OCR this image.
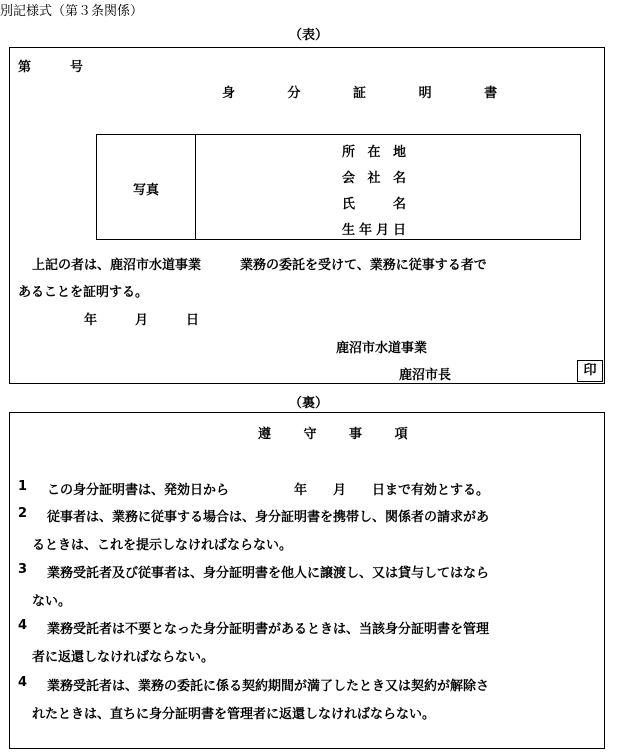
別記様式（第３条関係）
（表）
第　　　号
身 分 証 明 書
写真
所在地
会社名
氏　名
生年月日
上記の者は、鹿沼市水道事業　　　業務の委託を受けて、業務に従事する者で
あることを証明する。
年　　月　　日
鹿沼市水道事業
鹿沼市長	印
（裏）
遵 守 事 項
1 この身分証明書は、発効日から　　　　　年　　月　　日まで有効とする。
2 従事者は、業務に従事する場合は、身分証明書を携帯し、関係者の請求があ
るときは、これを提示しなければならない。
3 業務受託者及び従事者は、身分証明書を他人に譲渡し、又は貸与してはなら
ない。
4 業務受託者は不要となった身分証明書があるときは、当該身分証明書を管理
者に返還しなければならない。
4 業務受託者は、業務の委託に係る契約期間が満了したとき又は契約が解除さ
れたときは、直ちに身分証明書を管理者に返還しなければならない。
